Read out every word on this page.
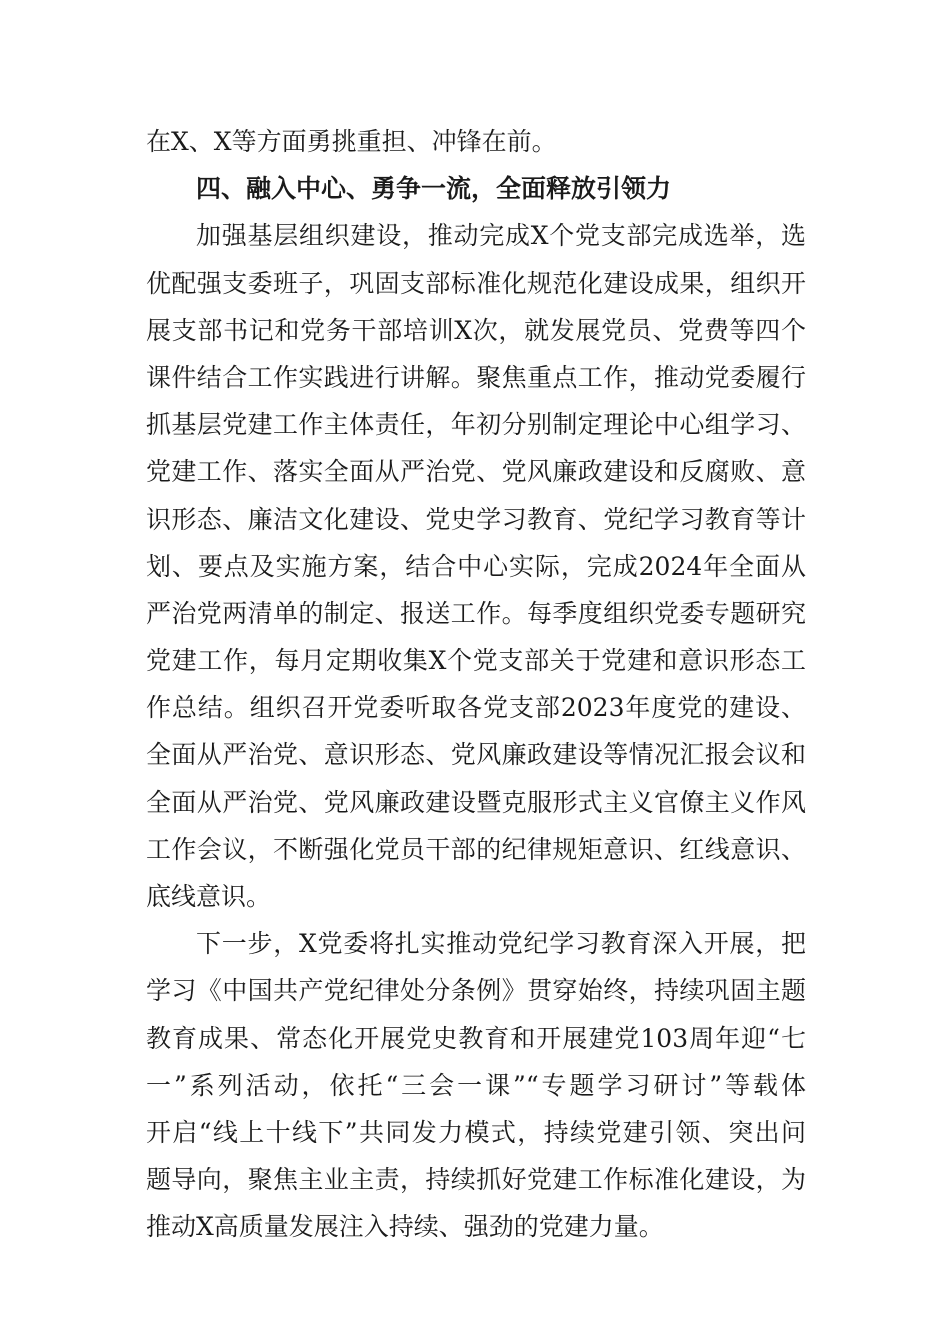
在X、X等方面勇挑重担、冲锋在前。
四、融入中心、勇争一流，全面释放引领力
加强基层组织建设，推动完成X个党支部完成选举，选
优配强支委班子，巩固支部标准化规范化建设成果，组织开
展支部书记和党务干部培训X次，就发展党员、党费等四个
课件结合工作实践进行讲解。聚焦重点工作，推动党委履行
抓基层党建工作主体责任，年初分别制定理论中心组学习、
党建工作、落实全面从严治党、党风廉政建设和反腐败、意
识形态、廉洁文化建设、党史学习教育、党纪学习教育等计
划、要点及实施方案，结合中心实际，完成2024年全面从
严治党两清单的制定、报送工作。每季度组织党委专题研究
党建工作，每月定期收集X个党支部关于党建和意识形态工
作总结。组织召开党委听取各党支部2023年度党的建设、
全面从严治党、意识形态、党风廉政建设等情况汇报会议和
全面从严治党、党风廉政建设暨克服形式主义官僚主义作风
工作会议，不断强化党员干部的纪律规矩意识、红线意识、
底线意识。
下一步，X党委将扎实推动党纪学习教育深入开展，把
学习《中国共产党纪律处分条例》贯穿始终，持续巩固主题
教育成果、常态化开展党史教育和开展建党103周年迎“七
一”系列活动，依托“三会一课”“专题学习研讨”等载体
开启“线上十线下”共同发力模式，持续党建引领、突出问
题导向，聚焦主业主责，持续抓好党建工作标准化建设，为
推动X高质量发展注入持续、强劲的党建力量。
